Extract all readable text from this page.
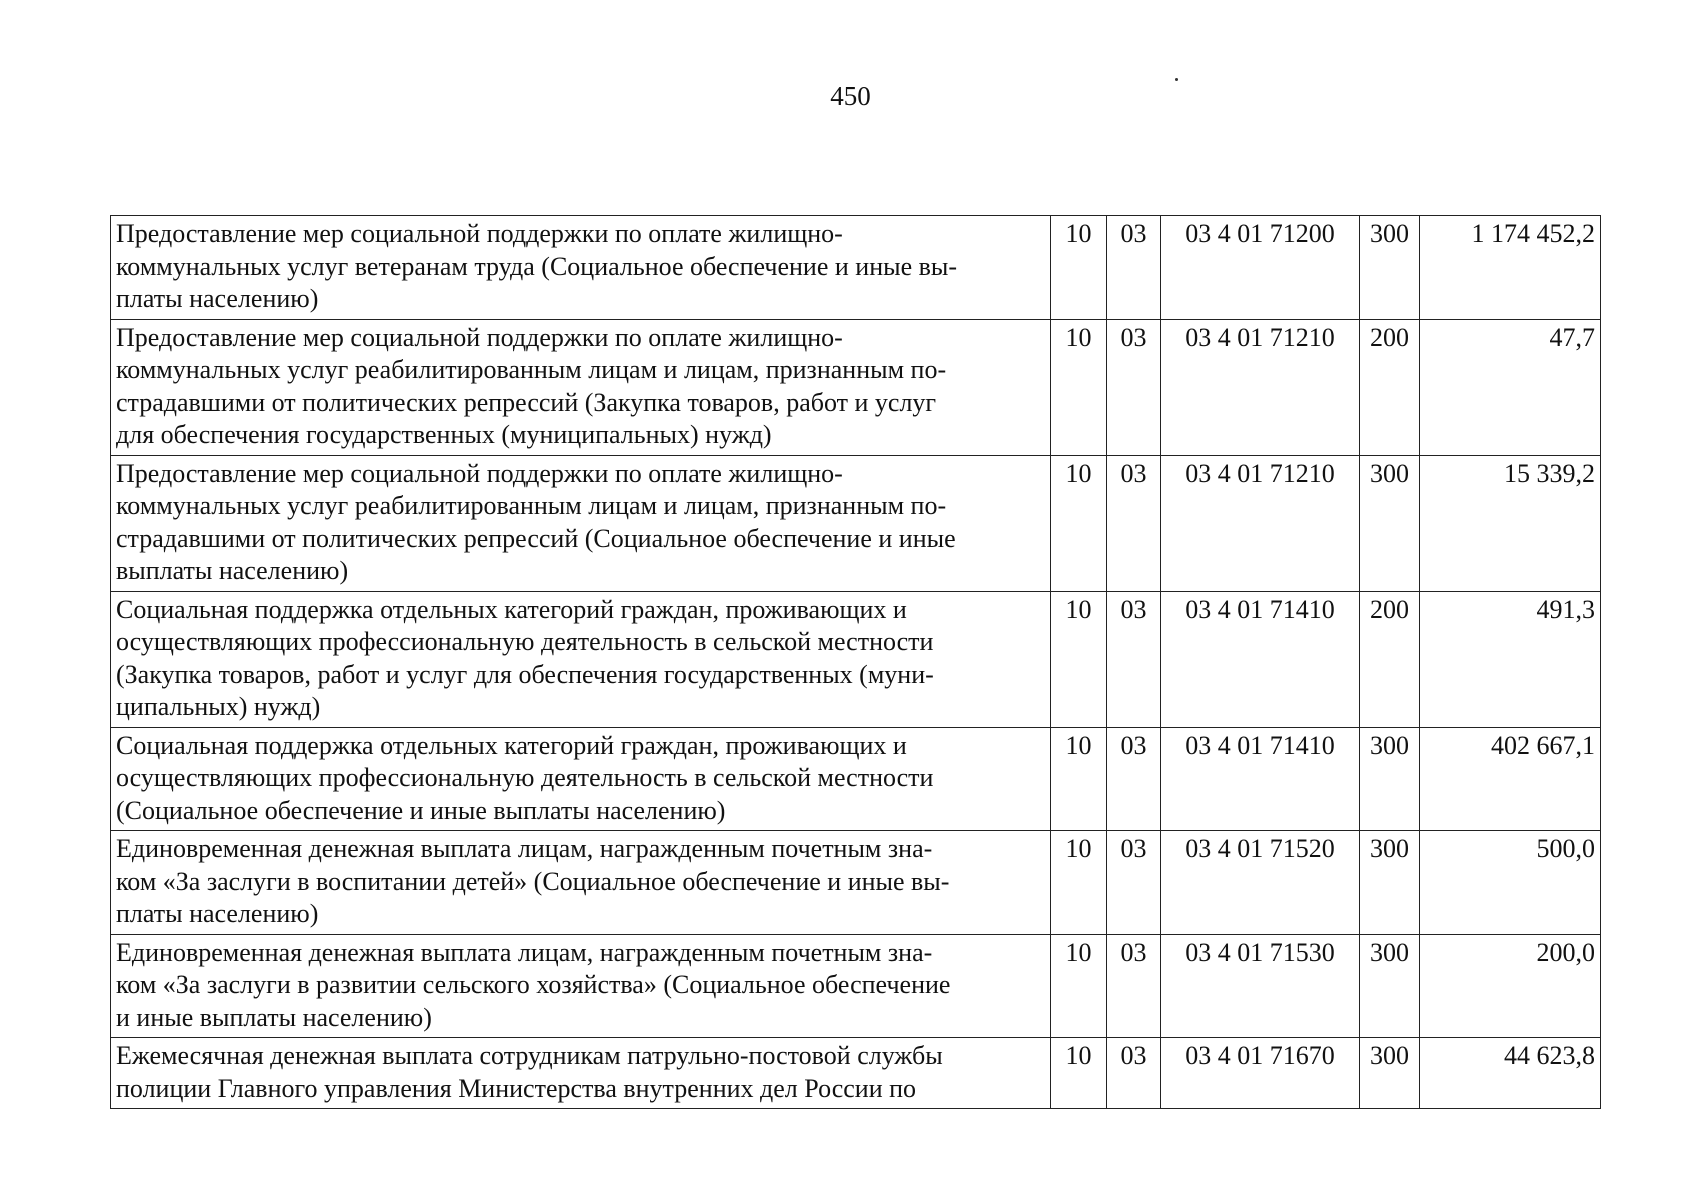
450
Предоставление мер социальной поддержки по оплате жилищно-
коммунальных услуг ветеранам труда (Социальное обеспечение и иные вы-
платы населению)	10	03	03 4 01 71200	300	1 174 452,2

Предоставление мер социальной поддержки по оплате жилищно-
коммунальных услуг реабилитированным лицам и лицам, признанным по-
страдавшими от политических репрессий (Закупка товаров, работ и услуг
для обеспечения государственных (муниципальных) нужд)	10	03	03 4 01 71210	200	47,7

Предоставление мер социальной поддержки по оплате жилищно-
коммунальных услуг реабилитированным лицам и лицам, признанным по-
страдавшими от политических репрессий (Социальное обеспечение и иные
выплаты населению)	10	03	03 4 01 71210	300	15 339,2

Социальная поддержка отдельных категорий граждан, проживающих и
осуществляющих профессиональную деятельность в сельской местности
(Закупка товаров, работ и услуг для обеспечения государственных (муни-
ципальных) нужд)	10	03	03 4 01 71410	200	491,3

Социальная поддержка отдельных категорий граждан, проживающих и
осуществляющих профессиональную деятельность в сельской местности
(Социальное обеспечение и иные выплаты населению)	10	03	03 4 01 71410	300	402 667,1

Единовременная денежная выплата лицам, награжденным почетным зна-
ком «За заслуги в воспитании детей» (Социальное обеспечение и иные вы-
платы населению)	10	03	03 4 01 71520	300	500,0

Единовременная денежная выплата лицам, награжденным почетным зна-
ком «За заслуги в развитии сельского хозяйства» (Социальное обеспечение
и иные выплаты населению)	10	03	03 4 01 71530	300	200,0

Ежемесячная денежная выплата сотрудникам патрульно-постовой службы
полиции Главного управления Министерства внутренних дел России по	10	03	03 4 01 71670	300	44 623,8
